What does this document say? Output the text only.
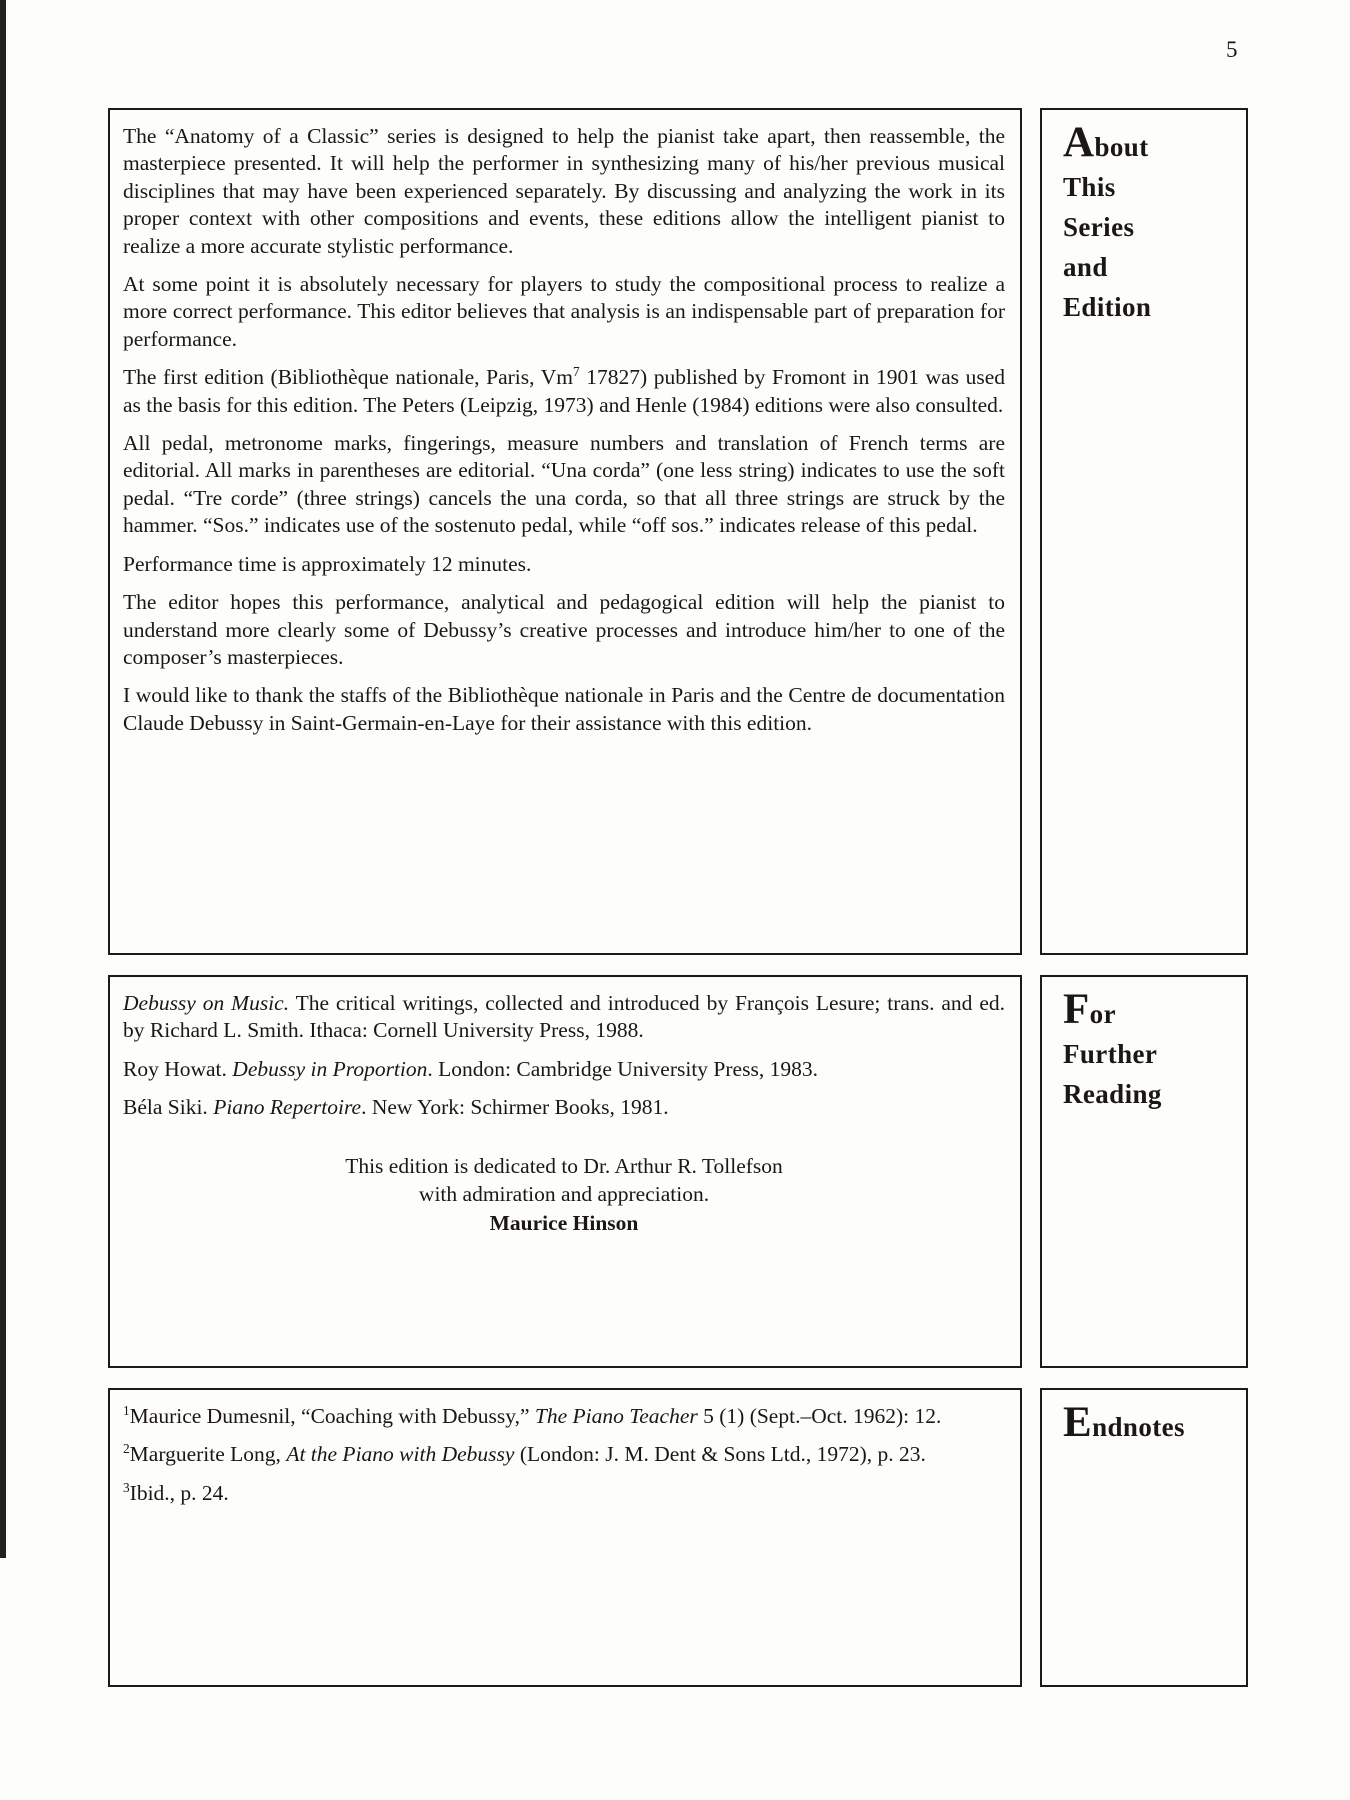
5

The “Anatomy of a Classic” series is designed to help the pianist take apart, then reassemble, the masterpiece presented. It will help the performer in synthesizing many of his/her previous musical disciplines that may have been experienced separately. By discussing and analyzing the work in its proper context with other compositions and events, these editions allow the intelligent pianist to realize a more accurate stylistic performance.

At some point it is absolutely necessary for players to study the compositional process to realize a more correct performance. This editor believes that analysis is an indispensable part of preparation for performance.

The first edition (Bibliothèque nationale, Paris, Vm$^7$ 17827) published by Fromont in 1901 was used as the basis for this edition. The Peters (Leipzig, 1973) and Henle (1984) editions were also consulted.

All pedal, metronome marks, fingerings, measure numbers and translation of French terms are editorial. All marks in parentheses are editorial. “Una corda” (one less string) indicates to use the soft pedal. “Tre corde” (three strings) cancels the una corda, so that all three strings are struck by the hammer. “Sos.” indicates use of the sostenuto pedal, while “off sos.” indicates release of this pedal.

Performance time is approximately 12 minutes.

The editor hopes this performance, analytical and pedagogical edition will help the pianist to understand more clearly some of Debussy’s creative processes and introduce him/her to one of the composer’s masterpieces.

I would like to thank the staffs of the Bibliothèque nationale in Paris and the Centre de documentation Claude Debussy in Saint-Germain-en-Laye for their assistance with this edition.

About
This
Series
and
Edition

Debussy on Music. The critical writings, collected and introduced by François Lesure; trans. and ed. by Richard L. Smith. Ithaca: Cornell University Press, 1988.

Roy Howat. Debussy in Proportion. London: Cambridge University Press, 1983.

Béla Siki. Piano Repertoire. New York: Schirmer Books, 1981.

This edition is dedicated to Dr. Arthur R. Tollefson
with admiration and appreciation.
Maurice Hinson
For
Further
Reading

$^1$Maurice Dumesnil, “Coaching with Debussy,” The Piano Teacher 5 (1) (Sept.–Oct. 1962): 12.

$^2$Marguerite Long, At the Piano with Debussy (London: J. M. Dent & Sons Ltd., 1972), p. 23.

$^3$Ibid., p. 24.

Endnotes
